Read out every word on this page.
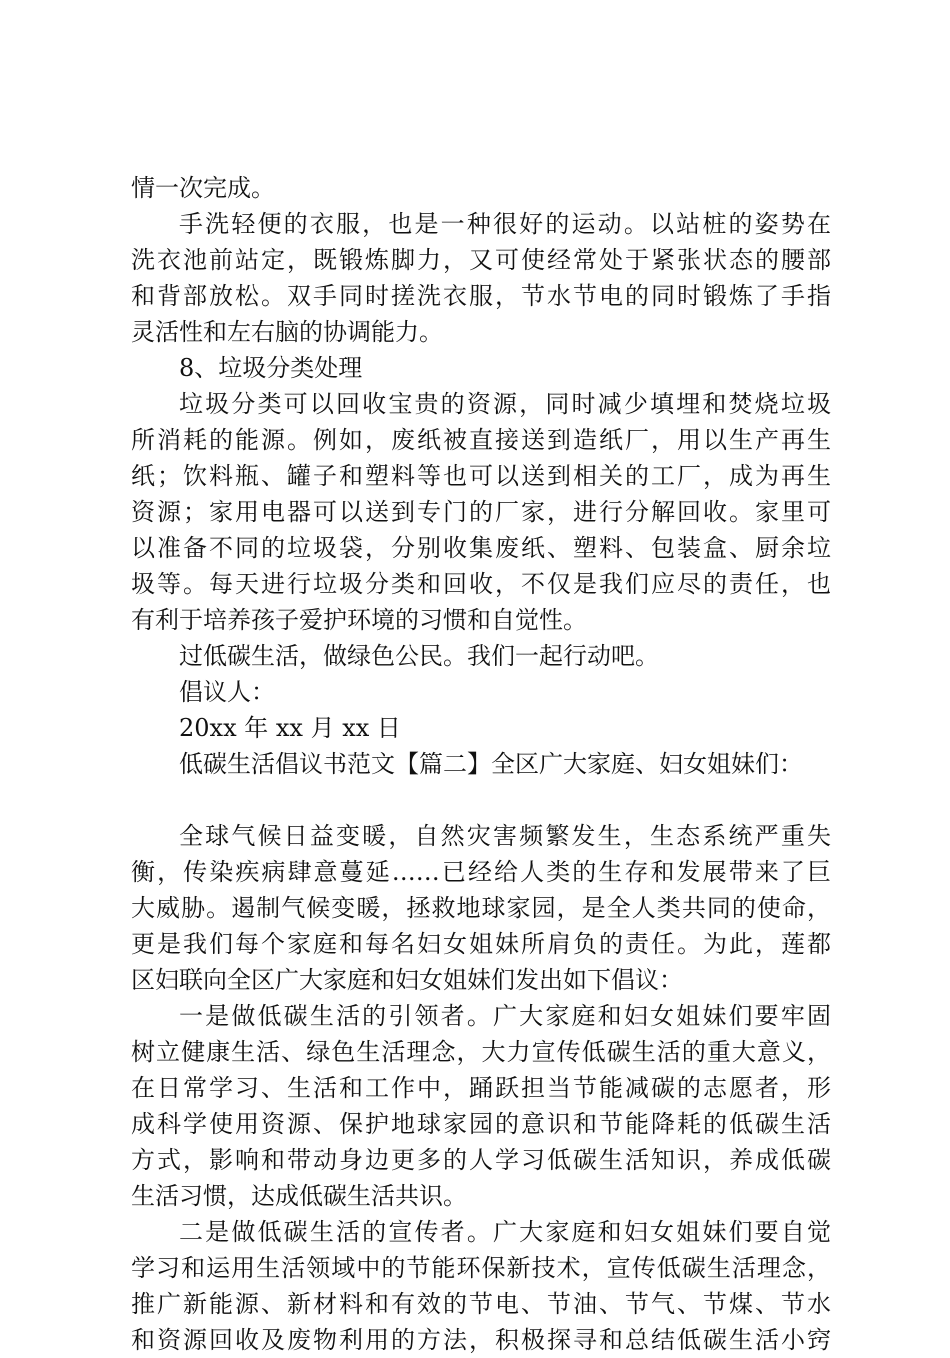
情一次完成。
手洗轻便的衣服，也是一种很好的运动。以站桩的姿势在
洗衣池前站定，既锻炼脚力，又可使经常处于紧张状态的腰部
和背部放松。双手同时搓洗衣服，节水节电的同时锻炼了手指
灵活性和左右脑的协调能力。
8、垃圾分类处理
垃圾分类可以回收宝贵的资源，同时减少填埋和焚烧垃圾
所消耗的能源。例如，废纸被直接送到造纸厂，用以生产再生
纸；饮料瓶、罐子和塑料等也可以送到相关的工厂，成为再生
资源；家用电器可以送到专门的厂家，进行分解回收。家里可
以准备不同的垃圾袋，分别收集废纸、塑料、包装盒、厨余垃
圾等。每天进行垃圾分类和回收，不仅是我们应尽的责任，也
有利于培养孩子爱护环境的习惯和自觉性。
过低碳生活，做绿色公民。我们一起行动吧。
倡议人：
20xx 年 xx 月 xx 日
低碳生活倡议书范文【篇二】全区广大家庭、妇女姐妹们：
全球气候日益变暖，自然灾害频繁发生，生态系统严重失
衡，传染疾病肆意蔓延……已经给人类的生存和发展带来了巨
大威胁。遏制气候变暖，拯救地球家园，是全人类共同的使命，
更是我们每个家庭和每名妇女姐妹所肩负的责任。为此，莲都
区妇联向全区广大家庭和妇女姐妹们发出如下倡议：
一是做低碳生活的引领者。广大家庭和妇女姐妹们要牢固
树立健康生活、绿色生活理念，大力宣传低碳生活的重大意义，
在日常学习、生活和工作中，踊跃担当节能减碳的志愿者，形
成科学使用资源、保护地球家园的意识和节能降耗的低碳生活
方式，影响和带动身边更多的人学习低碳生活知识，养成低碳
生活习惯，达成低碳生活共识。
二是做低碳生活的宣传者。广大家庭和妇女姐妹们要自觉
学习和运用生活领域中的节能环保新技术，宣传低碳生活理念，
推广新能源、新材料和有效的节电、节油、节气、节煤、节水
和资源回收及废物利用的方法，积极探寻和总结低碳生活小窍
